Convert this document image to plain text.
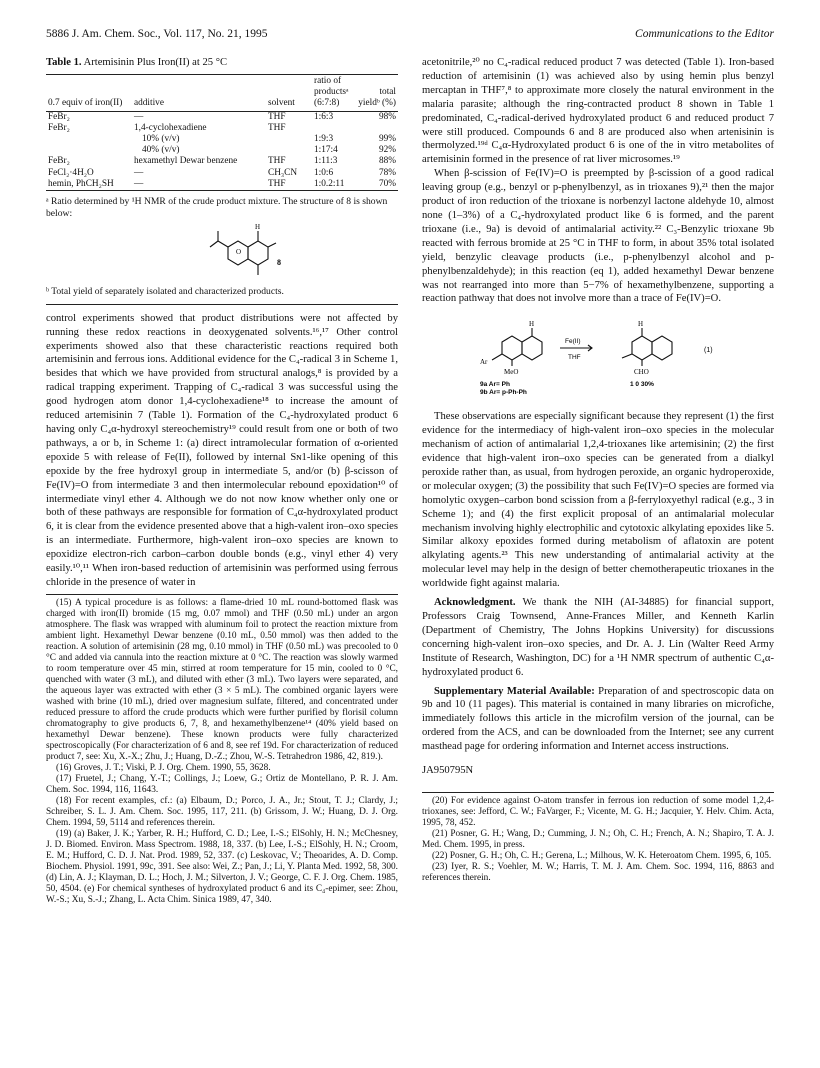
5886 J. Am. Chem. Soc., Vol. 117, No. 21, 1995	Communications to the Editor
Table 1. Artemisinin Plus Iron(II) at 25 °C
0.7 equiv of iron(II)	additive	solvent	ratio of productsᵃ (6:7:8)	total yieldᵇ (%)
FeBr₂	—	THF	1:6:3	98%
FeBr₂	1,4-cyclohexadiene	THF		
	10% (v/v)		1:9:3	99%
	40% (v/v)		1:17:4	92%
FeBr₂	hexamethyl Dewar benzene	THF	1:11:3	88%
FeCl₂·4H₂O	—	CH₃CN	1:0:6	78%
hemin, PhCH₂SH	—	THF	1:0.2:11	70%

ᵃ Ratio determined by ¹H NMR of the crude product mixture. The structure of 8 is shown below:

O
H
8

ᵇ Total yield of separately isolated and characterized products.

control experiments showed that product distributions were not affected by running these redox reactions in deoxygenated solvents.¹⁶,¹⁷ Other control experiments showed also that these characteristic reactions required both artemisinin and ferrous ions. Additional evidence for the C₄-radical 3 in Scheme 1, besides that which we have provided from structural analogs,⁸ is provided by a radical trapping experiment. Trapping of C₄-radical 3 was successful using the good hydrogen atom donor 1,4-cyclohexadiene¹⁸ to increase the amount of reduced artemisinin 7 (Table 1). Formation of the C₄-hydroxylated product 6 having only C₄α-hydroxyl stereochemistry¹⁹ could result from one or both of two pathways, a or b, in Scheme 1: (a) direct intramolecular formation of α-oriented epoxide 5 with release of Fe(II), followed by internal Sɴ1-like opening of this epoxide by the free hydroxyl group in intermediate 5, and/or (b) β-scisson of Fe(IV)=O from intermediate 3 and then intermolecular rebound epoxidation¹⁰ of intermediate vinyl ether 4. Although we do not now know whether only one or both of these pathways are responsible for formation of C₄α-hydroxylated product 6, it is clear from the evidence presented above that a high-valent iron–oxo species is an intermediate. Furthermore, high-valent iron–oxo species are known to epoxidize electron-rich carbon–carbon double bonds (e.g., vinyl ether 4) very easily.¹⁰,¹¹ When iron-based reduction of artemisinin was performed using ferrous chloride in the presence of water in

(15) A typical procedure is as follows: a flame-dried 10 mL round-bottomed flask was charged with iron(II) bromide (15 mg, 0.07 mmol) and THF (0.50 mL) under an argon atmosphere. The flask was wrapped with aluminum foil to protect the reaction mixture from ambient light. Hexamethyl Dewar benzene (0.10 mL, 0.50 mmol) was then added to the reaction. A solution of artemisinin (28 mg, 0.10 mmol) in THF (0.50 mL) was precooled to 0 °C and added via cannula into the reaction mixture at 0 °C. The reaction was slowly warmed to room temperature over 45 min, stirred at room temperature for 15 min, cooled to 0 °C, quenched with water (3 mL), and diluted with ether (3 mL). Two layers were separated, and the aqueous layer was extracted with ether (3 × 5 mL). The combined organic layers were washed with brine (10 mL), dried over magnesium sulfate, filtered, and concentrated under reduced pressure to afford the crude products which were further purified by florisil column chromatography to give products 6, 7, 8, and hexamethylbenzene¹⁴ (40% yield based on hexamethyl Dewar benzene). These known products were fully characterized spectroscopically (For characterization of 6 and 8, see ref 19d. For characterization of reduced product 7, see: Xu, X.-X.; Zhu, J.; Huang, D.-Z.; Zhou, W.-S. Tetrahedron 1986, 42, 819.).

(16) Groves, J. T.; Viski, P. J. Org. Chem. 1990, 55, 3628.

(17) Fruetel, J.; Chang, Y.-T.; Collings, J.; Loew, G.; Ortiz de Montellano, P. R. J. Am. Chem. Soc. 1994, 116, 11643.

(18) For recent examples, cf.: (a) Elbaum, D.; Porco, J. A., Jr.; Stout, T. J.; Clardy, J.; Schreiber, S. L. J. Am. Chem. Soc. 1995, 117, 211. (b) Grissom, J. W.; Huang, D. J. Org. Chem. 1994, 59, 5114 and references therein.

(19) (a) Baker, J. K.; Yarber, R. H.; Hufford, C. D.; Lee, I.-S.; ElSohly, H. N.; McChesney, J. D. Biomed. Environ. Mass Spectrom. 1988, 18, 337. (b) Lee, I.-S.; ElSohly, H. N.; Croom, E. M.; Hufford, C. D. J. Nat. Prod. 1989, 52, 337. (c) Leskovac, V.; Theoarides, A. D. Comp. Biochem. Physiol. 1991, 99c, 391. See also: Wei, Z.; Pan, J.; Li, Y. Planta Med. 1992, 58, 300. (d) Lin, A. J.; Klayman, D. L.; Hoch, J. M.; Silverton, J. V.; George, C. F. J. Org. Chem. 1985, 50, 4504. (e) For chemical syntheses of hydroxylated product 6 and its C₄-epimer, see: Zhou, W.-S.; Xu, S.-J.; Zhang, L. Acta Chim. Sinica 1989, 47, 340.

acetonitrile,²⁰ no C₄-radical reduced product 7 was detected (Table 1). Iron-based reduction of artemisinin (1) was achieved also by using hemin plus benzyl mercaptan in THF⁷,⁸ to approximate more closely the natural environment in the malaria parasite; although the ring-contracted product 8 shown in Table 1 predominated, C₄-radical-derived hydroxylated product 6 and reduced product 7 were still produced. Compounds 6 and 8 are produced also when artenisinin is thermolyzed.¹⁹ᵈ C₄α-Hydroxylated product 6 is one of the in vitro metabolites of artemisinin formed in the presence of rat liver microsomes.¹⁹

When β-scission of Fe(IV)=O is preempted by β-scission of a good radical leaving group (e.g., benzyl or p-phenylbenzyl, as in trioxanes 9),²¹ then the major product of iron reduction of the trioxane is norbenzyl lactone aldehyde 10, almost none (1–3%) of a C₄-hydroxylated product like 6 is formed, and the parent trioxane (i.e., 9a) is devoid of antimalarial activity.²² C₃-Benzylic trioxane 9b reacted with ferrous bromide at 25 °C in THF to form, in about 35% total isolated yield, benzylic cleavage products (i.e., p-phenylbenzyl alcohol and p-phenylbenzaldehyde); in this reaction (eq 1), added hexamethyl Dewar benzene was not rearranged into more than 5−7% of hexamethylbenzene, supporting a reaction pathway that does not involve more than a trace of Fe(IV)=O.

H
Ar
MeO
Fe(II)
THF
H
CHO
(1)
9a Ar= Ph
9b Ar= p-Ph-Ph
1 0 30%

These observations are especially significant because they represent (1) the first evidence for the intermediacy of high-valent iron–oxo species in the molecular mechanism of action of antimalarial 1,2,4-trioxanes like artemisinin; (2) the first evidence that high-valent iron–oxo species can be generated from a dialkyl peroxide rather than, as usual, from hydrogen peroxide, an organic hydroperoxide, or molecular oxygen; (3) the possibility that such Fe(IV)=O species are formed via homolytic oxygen–carbon bond scission from a β-ferryloxyethyl radical (e.g., 3 in Scheme 1); and (4) the first explicit proposal of an antimalarial molecular mechanism involving highly electrophilic and cytotoxic alkylating epoxides like 5. Similar alkoxy epoxides formed during metabolism of aflatoxin are potent alkylating agents.²³ This new understanding of antimalarial activity at the molecular level may help in the design of better chemotherapeutic trioxanes in the worldwide fight against malaria.

Acknowledgment. We thank the NIH (AI-34885) for financial support, Professors Craig Townsend, Anne-Frances Miller, and Kenneth Karlin (Department of Chemistry, The Johns Hopkins University) for discussions concerning high-valent iron–oxo species, and Dr. A. J. Lin (Walter Reed Army Institute of Research, Washington, DC) for a ¹H NMR spectrum of authentic C₄α-hydroxylated product 6.

Supplementary Material Available: Preparation of and spectroscopic data on 9b and 10 (11 pages). This material is contained in many libraries on microfiche, immediately follows this article in the microfilm version of the journal, can be ordered from the ACS, and can be downloaded from the Internet; see any current masthead page for ordering information and Internet access instructions.

JA950795N

(20) For evidence against O-atom transfer in ferrous ion reduction of some model 1,2,4-trioxanes, see: Jefford, C. W.; FaVarger, F.; Vicente, M. G. H.; Jacquier, Y. Helv. Chim. Acta, 1995, 78, 452.

(21) Posner, G. H.; Wang, D.; Cumming, J. N.; Oh, C. H.; French, A. N.; Shapiro, T. A. J. Med. Chem. 1995, in press.

(22) Posner, G. H.; Oh, C. H.; Gerena, L.; Milhous, W. K. Heteroatom Chem. 1995, 6, 105.

(23) Iyer, R. S.; Voehler, M. W.; Harris, T. M. J. Am. Chem. Soc. 1994, 116, 8863 and references therein.
